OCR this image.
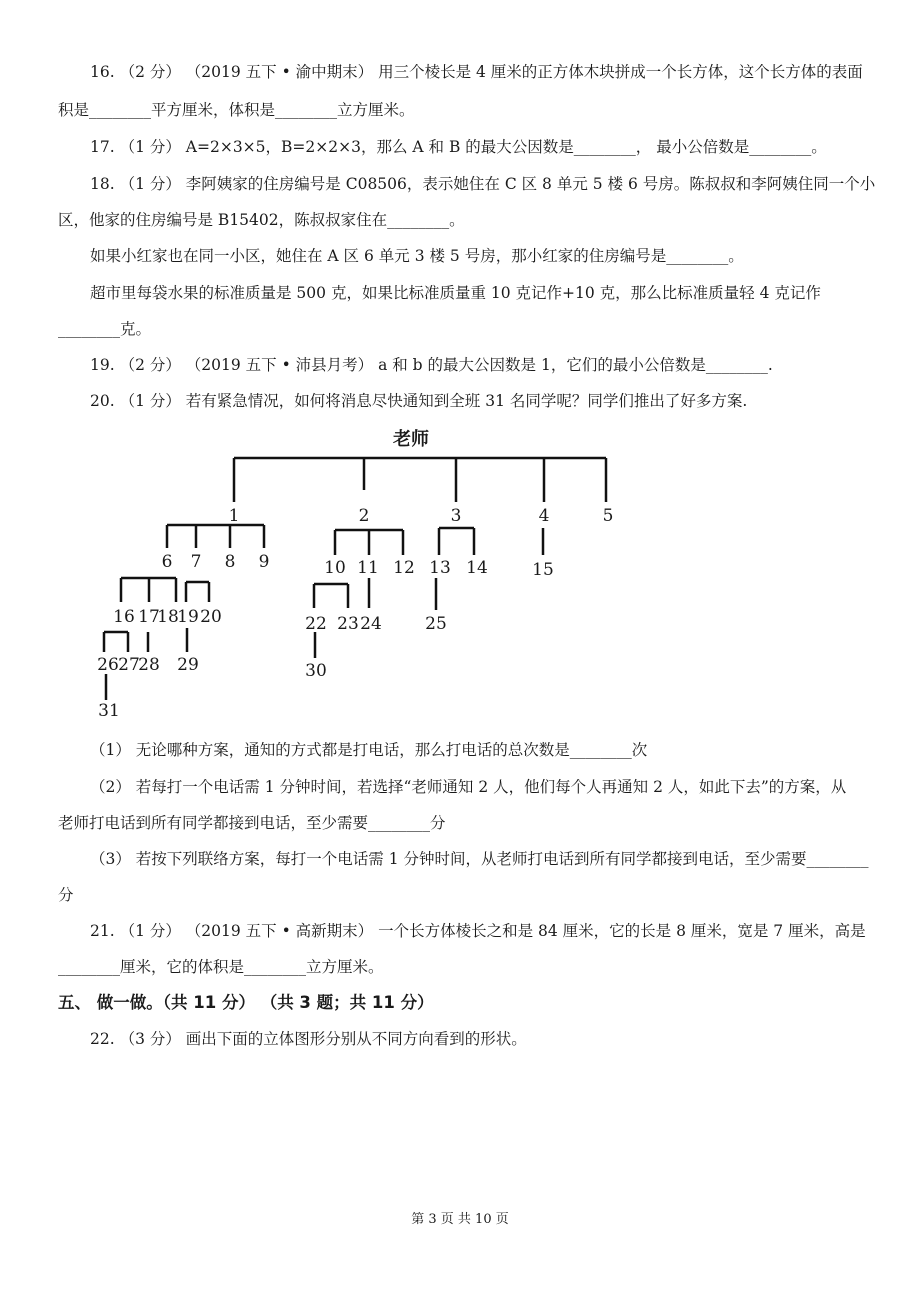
16. （2 分） （2019 五下 • 渝中期末） 用三个棱长是 4 厘米的正方体木块拼成一个长方体，这个长方体的表面
积是________平方厘米，体积是________立方厘米。
17. （1 分） A=2×3×5，B=2×2×3，那么 A 和 B 的最大公因数是________， 最小公倍数是________。
18. （1 分） 李阿姨家的住房编号是 C08506，表示她住在 C 区 8 单元 5 楼 6 号房。陈叔叔和李阿姨住同一个小
区，他家的住房编号是 B15402，陈叔叔家住在________。
如果小红家也在同一小区，她住在 A 区 6 单元 3 楼 5 号房，那小红家的住房编号是________。
超市里每袋水果的标准质量是 500 克，如果比标准质量重 10 克记作+10 克，那么比标准质量轻 4 克记作
________克。
19. （2 分） （2019 五下 • 沛县月考） a 和 b 的最大公因数是 1，它们的最小公倍数是________.
20. （1 分） 若有紧急情况，如何将消息尽快通知到全班 31 名同学呢？同学们推出了好多方案.
老师
1	2	3	4	5
6 7 8 9	10 11 12 13 14	15
16 17
18
19 20	22 23 24	25
26 27
28 29	30
31
（1） 无论哪种方案，通知的方式都是打电话，那么打电话的总次数是________次
（2） 若每打一个电话需 1 分钟时间，若选择“老师通知 2 人，他们每个人再通知 2 人，如此下去”的方案，从
老师打电话到所有同学都接到电话，至少需要________分
（3） 若按下列联络方案，每打一个电话需 1 分钟时间，从老师打电话到所有同学都接到电话，至少需要________
分
21. （1 分） （2019 五下 • 高新期末） 一个长方体棱长之和是 84 厘米，它的长是 8 厘米，宽是 7 厘米，高是
________厘米，它的体积是________立方厘米。
五、 做一做。（共 11 分） （共 3 题；共 11 分）
22. （3 分） 画出下面的立体图形分别从不同方向看到的形状。
第 3 页 共 10 页
